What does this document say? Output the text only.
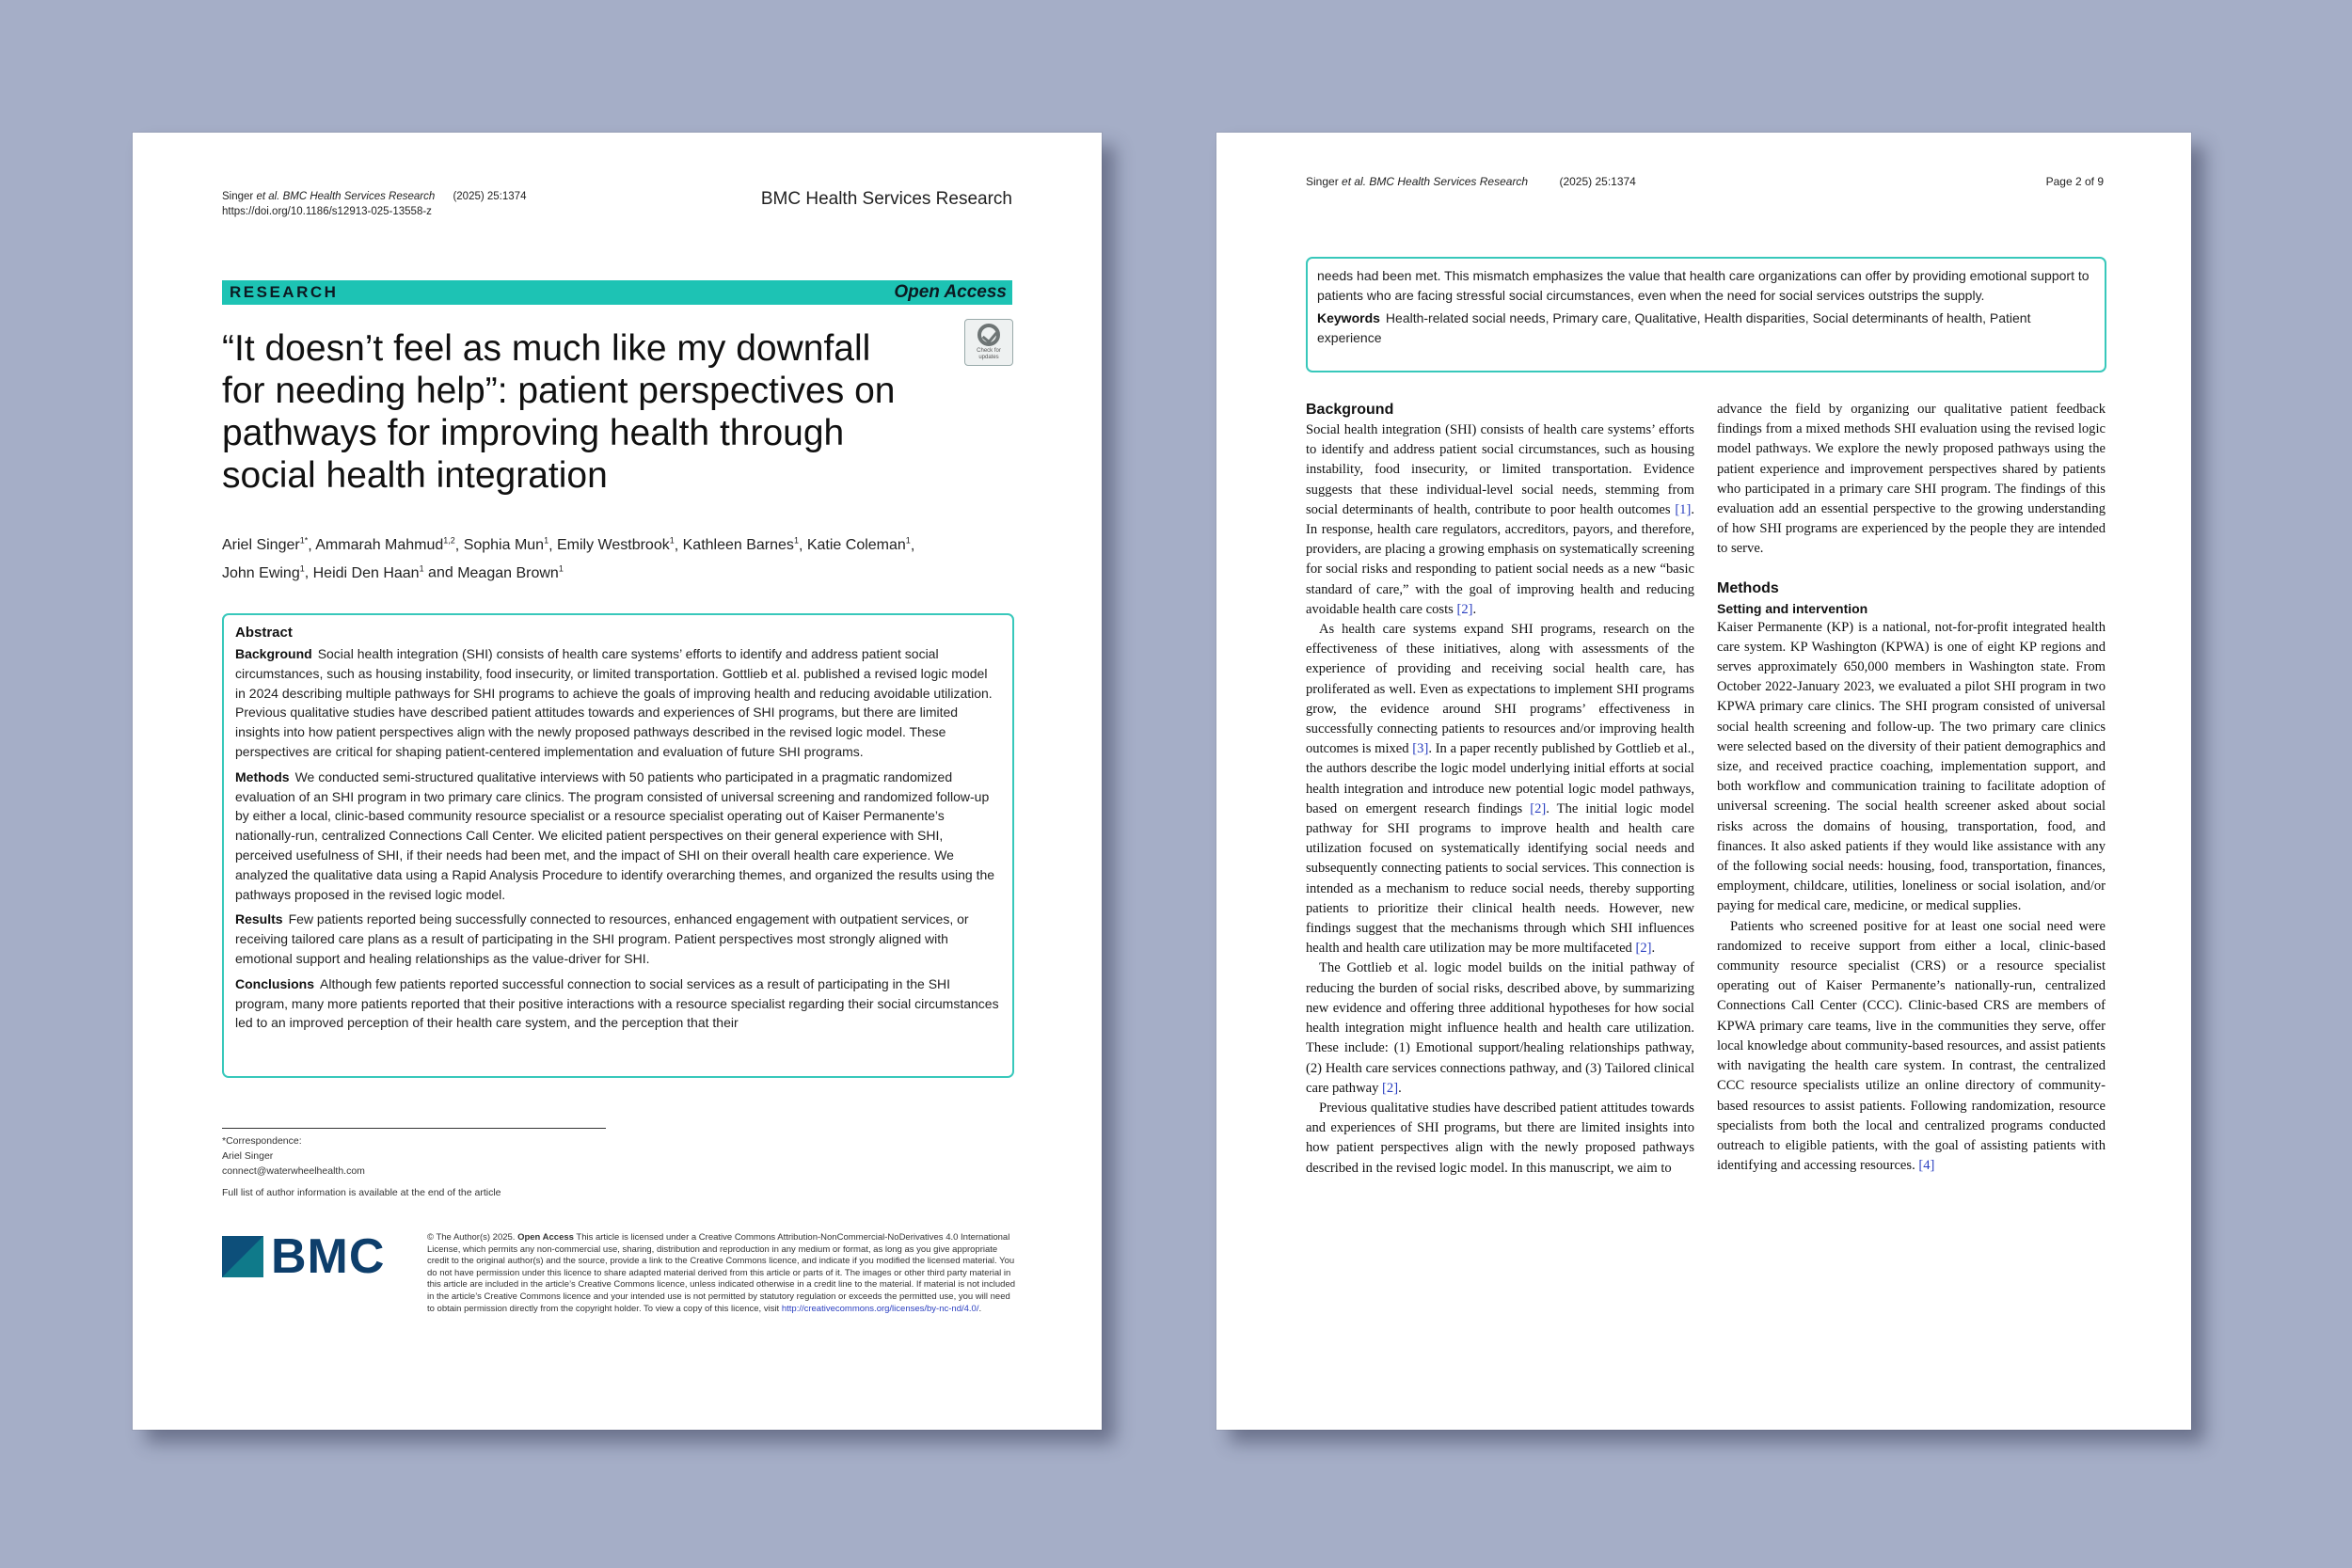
Singer et al. BMC Health Services Research (2025) 25:1374
https://doi.org/10.1186/s12913-025-13558-z
BMC Health Services Research
RESEARCH	Open Access
Check for
updates
“It doesn’t feel as much like my downfall for needing help”: patient perspectives on pathways for improving health through social health integration
Ariel Singer$^{1*}$, Ammarah Mahmud$^{1,2}$, Sophia Mun$^1$, Emily Westbrook$^1$, Kathleen Barnes$^1$, Katie Coleman$^1$,
John Ewing$^1$, Heidi Den Haan$^1$ and Meagan Brown$^1$
Abstract

Background Social health integration (SHI) consists of health care systems’ efforts to identify and address patient social circumstances, such as housing instability, food insecurity, or limited transportation. Gottlieb et al. published a revised logic model in 2024 describing multiple pathways for SHI programs to achieve the goals of improving health and reducing avoidable utilization. Previous qualitative studies have described patient attitudes towards and experiences of SHI programs, but there are limited insights into how patient perspectives align with the newly proposed pathways described in the revised logic model. These perspectives are critical for shaping patient-centered implementation and evaluation of future SHI programs.

Methods We conducted semi-structured qualitative interviews with 50 patients who participated in a pragmatic randomized evaluation of an SHI program in two primary care clinics. The program consisted of universal screening and randomized follow-up by either a local, clinic-based community resource specialist or a resource specialist operating out of Kaiser Permanente’s nationally-run, centralized Connections Call Center. We elicited patient perspectives on their general experience with SHI, perceived usefulness of SHI, if their needs had been met, and the impact of SHI on their overall health care experience. We analyzed the qualitative data using a Rapid Analysis Procedure to identify overarching themes, and organized the results using the pathways proposed in the revised logic model.

Results Few patients reported being successfully connected to resources, enhanced engagement with outpatient services, or receiving tailored care plans as a result of participating in the SHI program. Patient perspectives most strongly aligned with emotional support and healing relationships as the value-driver for SHI.

Conclusions Although few patients reported successful connection to social services as a result of participating in the SHI program, many more patients reported that their positive interactions with a resource specialist regarding their social circumstances led to an improved perception of their health care system, and the perception that their

*Correspondence:
Ariel Singer
connect@waterwheelhealth.com
Full list of author information is available at the end of the article
BMC	© The Author(s) 2025. Open Access This article is licensed under a Creative Commons Attribution-NonCommercial-NoDerivatives 4.0 International License, which permits any non-commercial use, sharing, distribution and reproduction in any medium or format, as long as you give appropriate credit to the original author(s) and the source, provide a link to the Creative Commons licence, and indicate if you modified the licensed material. You do not have permission under this licence to share adapted material derived from this article or parts of it. The images or other third party material in this article are included in the article’s Creative Commons licence, unless indicated otherwise in a credit line to the material. If material is not included in the article’s Creative Commons licence and your intended use is not permitted by statutory regulation or exceeds the permitted use, you will need to obtain permission directly from the copyright holder. To view a copy of this licence, visit http://creativecommons.org/licenses/by-nc-nd/4.0/.
Singer et al. BMC Health Services Research	(2025) 25:1374	Page 2 of 9

needs had been met. This mismatch emphasizes the value that health care organizations can offer by providing emotional support to patients who are facing stressful social circumstances, even when the need for social services outstrips the supply.

Keywords Health-related social needs, Primary care, Qualitative, Health disparities, Social determinants of health, Patient experience

Background

Social health integration (SHI) consists of health care systems’ efforts to identify and address patient social circumstances, such as housing instability, food insecurity, or limited transportation. Evidence suggests that these individual-level social needs, stemming from social determinants of health, contribute to poor health outcomes [1]. In response, health care regulators, accreditors, payors, and therefore, providers, are placing a growing emphasis on systematically screening for social risks and responding to patient social needs as a new “basic standard of care,” with the goal of improving health and reducing avoidable health care costs [2].

As health care systems expand SHI programs, research on the effectiveness of these initiatives, along with assessments of the experience of providing and receiving social health care, has proliferated as well. Even as expectations to implement SHI programs grow, the evidence around SHI programs’ effectiveness in successfully connecting patients to resources and/or improving health outcomes is mixed [3]. In a paper recently published by Gottlieb et al., the authors describe the logic model underlying initial efforts at social health integration and introduce new potential logic model pathways, based on emergent research findings [2]. The initial logic model pathway for SHI programs to improve health and health care utilization focused on systematically identifying social needs and subsequently connecting patients to social services. This connection is intended as a mechanism to reduce social needs, thereby supporting patients to prioritize their clinical health needs. However, new findings suggest that the mechanisms through which SHI influences health and health care utilization may be more multifaceted [2].

The Gottlieb et al. logic model builds on the initial pathway of reducing the burden of social risks, described above, by summarizing new evidence and offering three additional hypotheses for how social health integration might influence health and health care utilization. These include: (1) Emotional support/healing relationships pathway, (2) Health care services connections pathway, and (3) Tailored clinical care pathway [2].

Previous qualitative studies have described patient attitudes towards and experiences of SHI programs, but there are limited insights into how patient perspectives align with the newly proposed pathways described in the revised logic model. In this manuscript, we aim to

advance the field by organizing our qualitative patient feedback findings from a mixed methods SHI evaluation using the revised logic model pathways. We explore the newly proposed pathways using the patient experience and improvement perspectives shared by patients who participated in a primary care SHI program. The findings of this evaluation add an essential perspective to the growing understanding of how SHI programs are experienced by the people they are intended to serve.

Methods
Setting and intervention

Kaiser Permanente (KP) is a national, not-for-profit integrated health care system. KP Washington (KPWA) is one of eight KP regions and serves approximately 650,000 members in Washington state. From October 2022-January 2023, we evaluated a pilot SHI program in two KPWA primary care clinics. The SHI program consisted of universal social health screening and follow-up. The two primary care clinics were selected based on the diversity of their patient demographics and size, and received practice coaching, implementation support, and both workflow and communication training to facilitate adoption of universal screening. The social health screener asked about social risks across the domains of housing, transportation, food, and finances. It also asked patients if they would like assistance with any of the following social needs: housing, food, transportation, finances, employment, childcare, utilities, loneliness or social isolation, and/or paying for medical care, medicine, or medical supplies.

Patients who screened positive for at least one social need were randomized to receive support from either a local, clinic-based community resource specialist (CRS) or a resource specialist operating out of Kaiser Permanente’s nationally-run, centralized Connections Call Center (CCC). Clinic-based CRS are members of KPWA primary care teams, live in the communities they serve, offer local knowledge about community-based resources, and assist patients with navigating the health care system. In contrast, the centralized CCC resource specialists utilize an online directory of community-based resources to assist patients. Following randomization, resource specialists from both the local and centralized programs conducted outreach to eligible patients, with the goal of assisting patients with identifying and accessing resources. [4]
